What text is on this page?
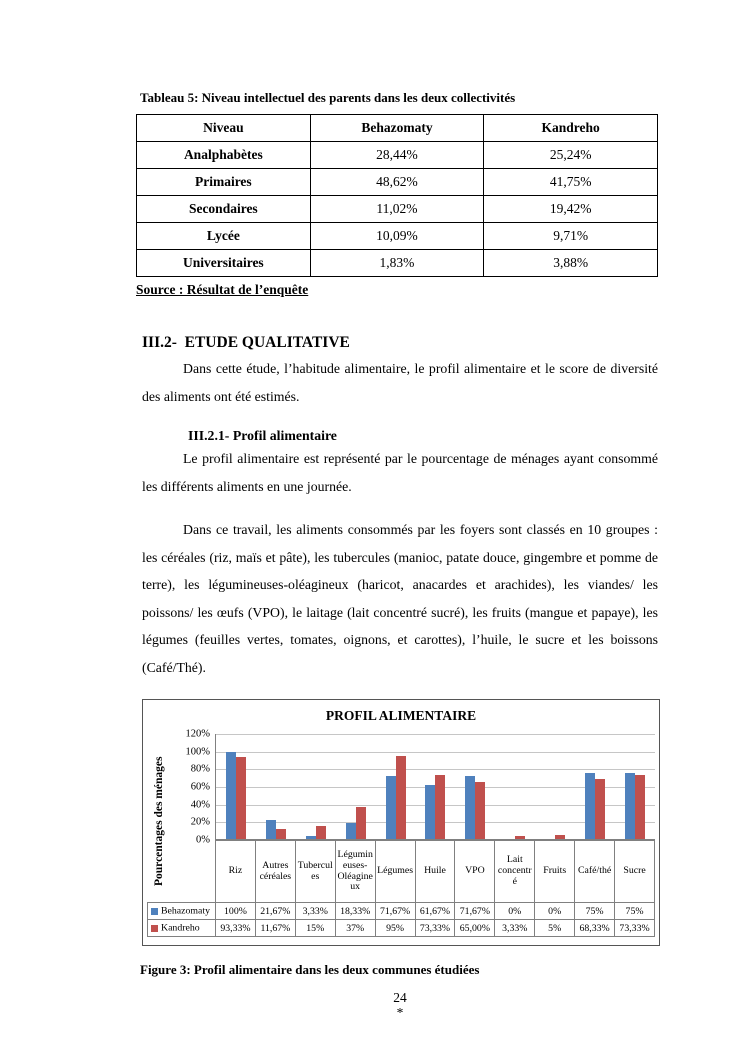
Tableau 5: Niveau intellectuel des parents dans les deux collectivités
Niveau	Behazomaty	Kandreho
Analphabètes	28,44%	25,24%
Primaires	48,62%	41,75%
Secondaires	11,02%	19,42%
Lycée	10,09%	9,71%
Universitaires	1,83%	3,88%
Source : Résultat de l’enquête
III.2-  ETUDE QUALITATIVE

Dans cette étude, l’habitude alimentaire, le profil alimentaire et le score de diversité des aliments ont été estimés.

III.2.1- Profil alimentaire

Le profil alimentaire est représenté par le pourcentage de ménages ayant consommé les différents aliments en une journée.

Dans ce travail, les aliments consommés par les foyers sont classés en 10 groupes : les céréales (riz, maïs et pâte), les tubercules (manioc, patate douce, gingembre et pomme de terre), les légumineuses-oléagineux (haricot, anacardes et arachides), les viandes/ les poissons/ les œufs (VPO), le laitage (lait concentré sucré), les fruits (mangue et papaye), les légumes (feuilles vertes, tomates, oignons, et carottes), l’huile, le sucre et les boissons (Café/Thé).

PROFIL ALIMENTAIRE
Pourcentages des ménages
120%
100%
80%
60%
40%
20%
0%
	Riz	Autres céréales	Tubercules	Légumineuses-Oléagineux	Légumes	Huile	VPO	Lait concentré	Fruits	Café/thé	Sucre
Behazomaty	100%	21,67%	3,33%	18,33%	71,67%	61,67%	71,67%	0%	0%	75%	75%
Kandreho	93,33%	11,67%	15%	37%	95%	73,33%	65,00%	3,33%	5%	68,33%	73,33%
Figure 3: Profil alimentaire dans les deux communes étudiées
24
*
